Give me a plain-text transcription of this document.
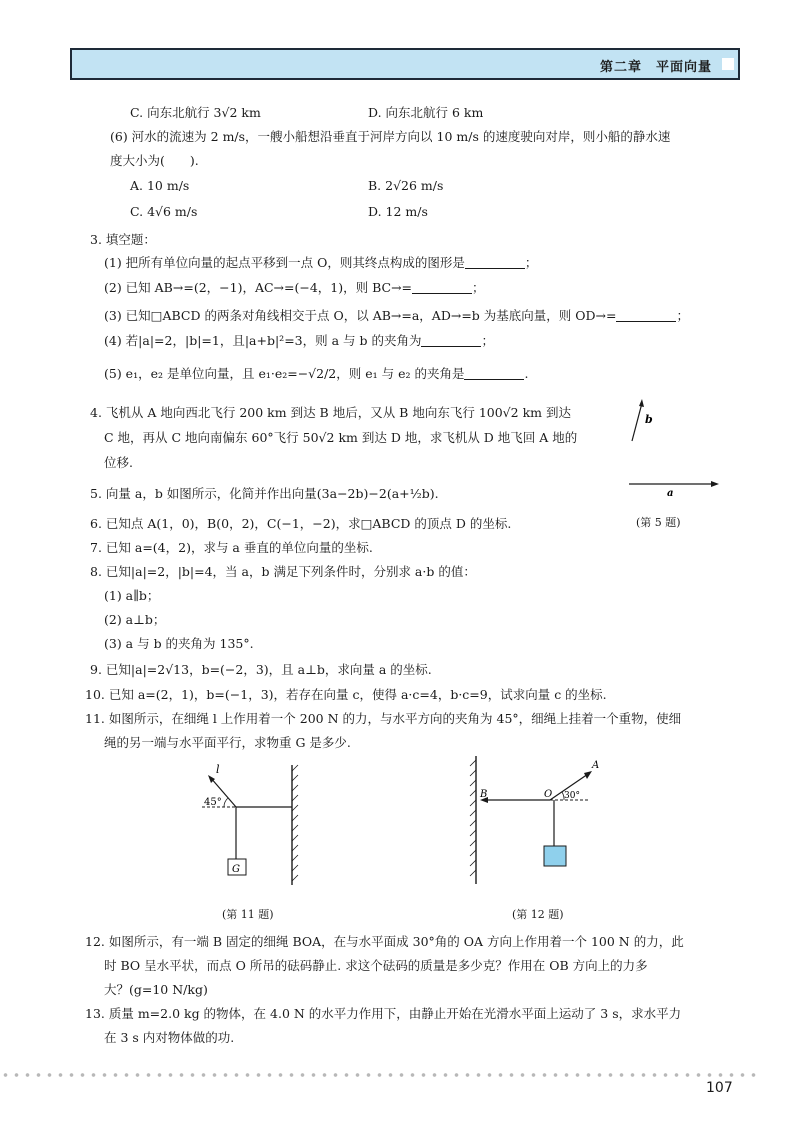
第二章　平面向量
C. 向东北航行 3√2 km	D. 向东北航行 6 km
(6) 河水的流速为 2 m/s，一艘小船想沿垂直于河岸方向以 10 m/s 的速度驶向对岸，则小船的静水速
度大小为(　　).
A. 10 m/s	B. 2√26 m/s
C. 4√6 m/s	D. 12 m/s
3. 填空题：
(1) 把所有单位向量的起点平移到一点 O，则其终点构成的图形是	；
(2) 已知 AB→=(2，−1)，AC→=(−4，1)，则 BC→=	；
(3) 已知□ABCD 的两条对角线相交于点 O，以 AB→=a，AD→=b 为基底向量，则 OD→=	；
(4) 若|a|=2，|b|=1，且|a+b|²=3，则 a 与 b 的夹角为	；
(5) e₁，e₂ 是单位向量，且 e₁·e₂=−√2/2，则 e₁ 与 e₂ 的夹角是	.
4. 飞机从 A 地向西北飞行 200 km 到达 B 地后，又从 B 地向东飞行 100√2 km 到达
C 地，再从 C 地向南偏东 60°飞行 50√2 km 到达 D 地，求飞机从 D 地飞回 A 地的
位移.
5. 向量 a，b 如图所示，化简并作出向量(3a−2b)−2(a+½b).
6. 已知点 A(1，0)，B(0，2)，C(−1，−2)，求□ABCD 的顶点 D 的坐标.
7. 已知 a=(4，2)，求与 a 垂直的单位向量的坐标.
8. 已知|a|=2，|b|=4，当 a，b 满足下列条件时，分别求 a·b 的值：
(1) a∥b；
(2) a⊥b；
(3) a 与 b 的夹角为 135°.
9. 已知|a|=2√13，b=(−2，3)，且 a⊥b，求向量 a 的坐标.
10. 已知 a=(2，1)，b=(−1，3)，若存在向量 c，使得 a·c=4，b·c=9，试求向量 c 的坐标.
11. 如图所示，在细绳 l 上作用着一个 200 N 的力，与水平方向的夹角为 45°，细绳上挂着一个重物，使细
绳的另一端与水平面平行，求物重 G 是多少.
12. 如图所示，有一端 B 固定的细绳 BOA，在与水平面成 30°角的 OA 方向上作用着一个 100 N 的力，此
时 BO 呈水平状，而点 O 所吊的砝码静止. 求这个砝码的质量是多少克？作用在 OB 方向上的力多
大？(g=10 N/kg)
13. 质量 m=2.0 kg 的物体，在 4.0 N 的水平力作用下，由静止开始在光滑水平面上运动了 3 s，求水平力
在 3 s 内对物体做的功.
b
a
(第 5 题)
G
l
45°
(第 11 题)
B	O 30°
A
(第 12 题)
107
